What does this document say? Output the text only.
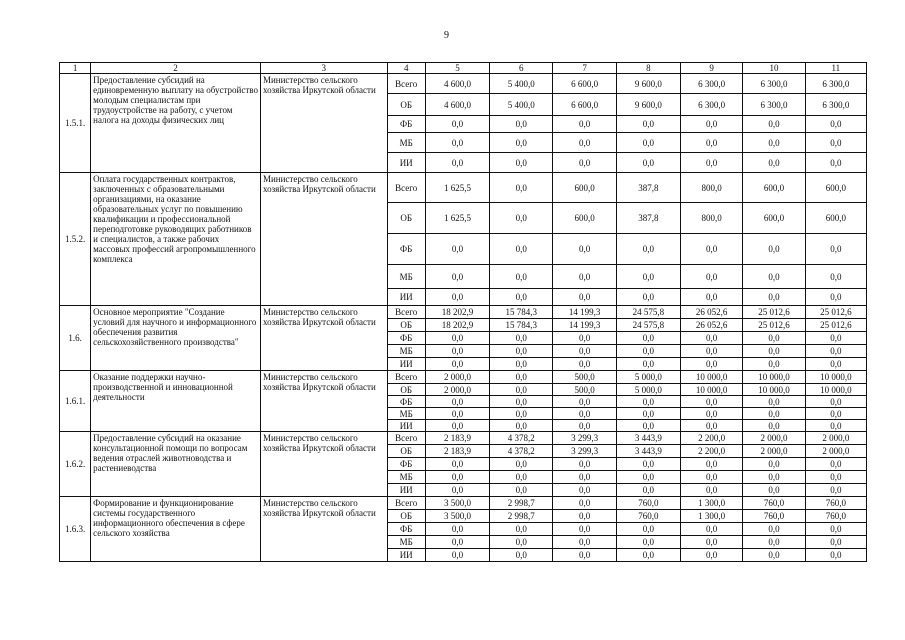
9
1	2	3	4	5	6	7	8	9	10	11
1.5.1.	Предоставление субсидий на единовременную выплату на обустройство молодым специалистам при трудоустройстве на работу, с учетом налога на доходы физических лиц	Министерство сельского хозяйства Иркутской области	Всего	4 600,0	5 400,0	6 600,0	9 600,0	6 300,0	6 300,0	6 300,0
			ОБ	4 600,0	5 400,0	6 600,0	9 600,0	6 300,0	6 300,0	6 300,0
			ФБ	0,0	0,0	0,0	0,0	0,0	0,0	0,0
			МБ	0,0	0,0	0,0	0,0	0,0	0,0	0,0
			ИИ	0,0	0,0	0,0	0,0	0,0	0,0	0,0
1.5.2.	Оплата государственных контрактов, заключенных с образовательными организациями, на оказание образовательных услуг по повышению квалификации и профессиональной переподготовке руководящих работников и специалистов, а также рабочих массовых профессий агропромышленного комплекса	Министерство сельского хозяйства Иркутской области	Всего	1 625,5	0,0	600,0	387,8	800,0	600,0	600,0
			ОБ	1 625,5	0,0	600,0	387,8	800,0	600,0	600,0
			ФБ	0,0	0,0	0,0	0,0	0,0	0,0	0,0
			МБ	0,0	0,0	0,0	0,0	0,0	0,0	0,0
			ИИ	0,0	0,0	0,0	0,0	0,0	0,0	0,0
1.6.	Основное мероприятие "Создание условий для научного и информационного обеспечения развития сельскохозяйственного производства"	Министерство сельского хозяйства Иркутской области	Всего	18 202,9	15 784,3	14 199,3	24 575,8	26 052,6	25 012,6	25 012,6
			ОБ	18 202,9	15 784,3	14 199,3	24 575,8	26 052,6	25 012,6	25 012,6
			ФБ	0,0	0,0	0,0	0,0	0,0	0,0	0,0
			МБ	0,0	0,0	0,0	0,0	0,0	0,0	0,0
			ИИ	0,0	0,0	0,0	0,0	0,0	0,0	0,0
1.6.1.	Оказание поддержки научно-производственной и инновационной деятельности	Министерство сельского хозяйства Иркутской области	Всего	2 000,0	0,0	500,0	5 000,0	10 000,0	10 000,0	10 000,0
			ОБ	2 000,0	0,0	500,0	5 000,0	10 000,0	10 000,0	10 000,0
			ФБ	0,0	0,0	0,0	0,0	0,0	0,0	0,0
			МБ	0,0	0,0	0,0	0,0	0,0	0,0	0,0
			ИИ	0,0	0,0	0,0	0,0	0,0	0,0	0,0
1.6.2.	Предоставление субсидий на оказание консультационной помощи по вопросам ведения отраслей животноводства и растениеводства	Министерство сельского хозяйства Иркутской области	Всего	2 183,9	4 378,2	3 299,3	3 443,9	2 200,0	2 000,0	2 000,0
			ОБ	2 183,9	4 378,2	3 299,3	3 443,9	2 200,0	2 000,0	2 000,0
			ФБ	0,0	0,0	0,0	0,0	0,0	0,0	0,0
			МБ	0,0	0,0	0,0	0,0	0,0	0,0	0,0
			ИИ	0,0	0,0	0,0	0,0	0,0	0,0	0,0
1.6.3.	Формирование и функционирование системы государственного информационного обеспечения в сфере сельского хозяйства	Министерство сельского хозяйства Иркутской области	Всего	3 500,0	2 998,7	0,0	760,0	1 300,0	760,0	760,0
			ОБ	3 500,0	2 998,7	0,0	760,0	1 300,0	760,0	760,0
			ФБ	0,0	0,0	0,0	0,0	0,0	0,0	0,0
			МБ	0,0	0,0	0,0	0,0	0,0	0,0	0,0
			ИИ	0,0	0,0	0,0	0,0	0,0	0,0	0,0
